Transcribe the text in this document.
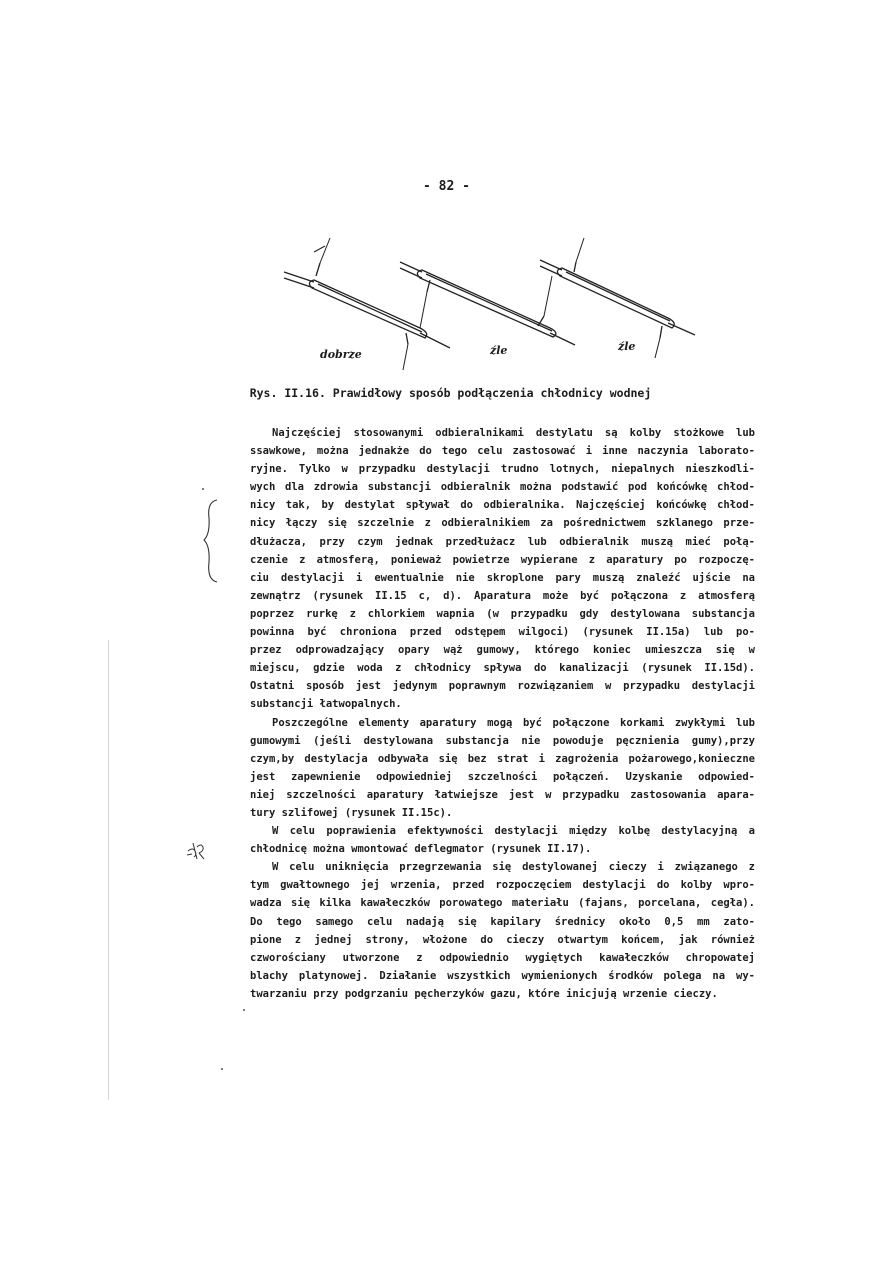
- 82 -
dobrze	źle	źle
Rys. II.16. Prawidłowy sposób podłączenia chłodnicy wodnej
Najczęściej stosowanymi odbieralnikami destylatu są kolby stożkowe lub
ssawkowe, można jednakże do tego celu zastosować i inne naczynia laborato-
ryjne. Tylko w przypadku destylacji trudno lotnych, niepalnych nieszkodli-
wych dla zdrowia substancji odbieralnik można podstawić pod końcówkę chłod-
nicy tak, by destylat spływał do odbieralnika. Najczęściej końcówkę chłod-
nicy łączy się szczelnie z odbieralnikiem za pośrednictwem szklanego prze-
dłużacza, przy czym jednak przedłużacz lub odbieralnik muszą mieć połą-
czenie z atmosferą, ponieważ powietrze wypierane z aparatury po rozpoczę-
ciu destylacji i ewentualnie nie skroplone pary muszą znaleźć ujście na
zewnątrz (rysunek II.15 c, d). Aparatura może być połączona z atmosferą
poprzez rurkę z chlorkiem wapnia (w przypadku gdy destylowana substancja
powinna być chroniona przed odstępem wilgoci) (rysunek II.15a) lub po-
przez odprowadzający opary wąż gumowy, którego koniec umieszcza się w
miejscu, gdzie woda z chłodnicy spływa do kanalizacji (rysunek II.15d).
Ostatni sposób jest jedynym poprawnym rozwiązaniem w przypadku destylacji
substancji łatwopalnych.
Poszczególne elementy aparatury mogą być połączone korkami zwykłymi lub
gumowymi (jeśli destylowana substancja nie powoduje pęcznienia gumy),przy
czym,by destylacja odbywała się bez strat i zagrożenia pożarowego,konieczne
jest zapewnienie odpowiedniej szczelności połączeń. Uzyskanie odpowied-
niej szczelności aparatury łatwiejsze jest w przypadku zastosowania apara-
tury szlifowej (rysunek II.15c).
W celu poprawienia efektywności destylacji między kolbę destylacyjną a
chłodnicę można wmontować deflegmator (rysunek II.17).
W celu uniknięcia przegrzewania się destylowanej cieczy i związanego z
tym gwałtownego jej wrzenia, przed rozpoczęciem destylacji do kolby wpro-
wadza się kilka kawałeczków porowatego materiału (fajans, porcelana, cegła).
Do tego samego celu nadają się kapilary średnicy około 0,5 mm zato-
pione z jednej strony, włożone do cieczy otwartym końcem, jak również
czworościany utworzone z odpowiednio wygiętych kawałeczków chropowatej
blachy platynowej. Działanie wszystkich wymienionych środków polega na wy-
twarzaniu przy podgrzaniu pęcherzyków gazu, które inicjują wrzenie cieczy.
